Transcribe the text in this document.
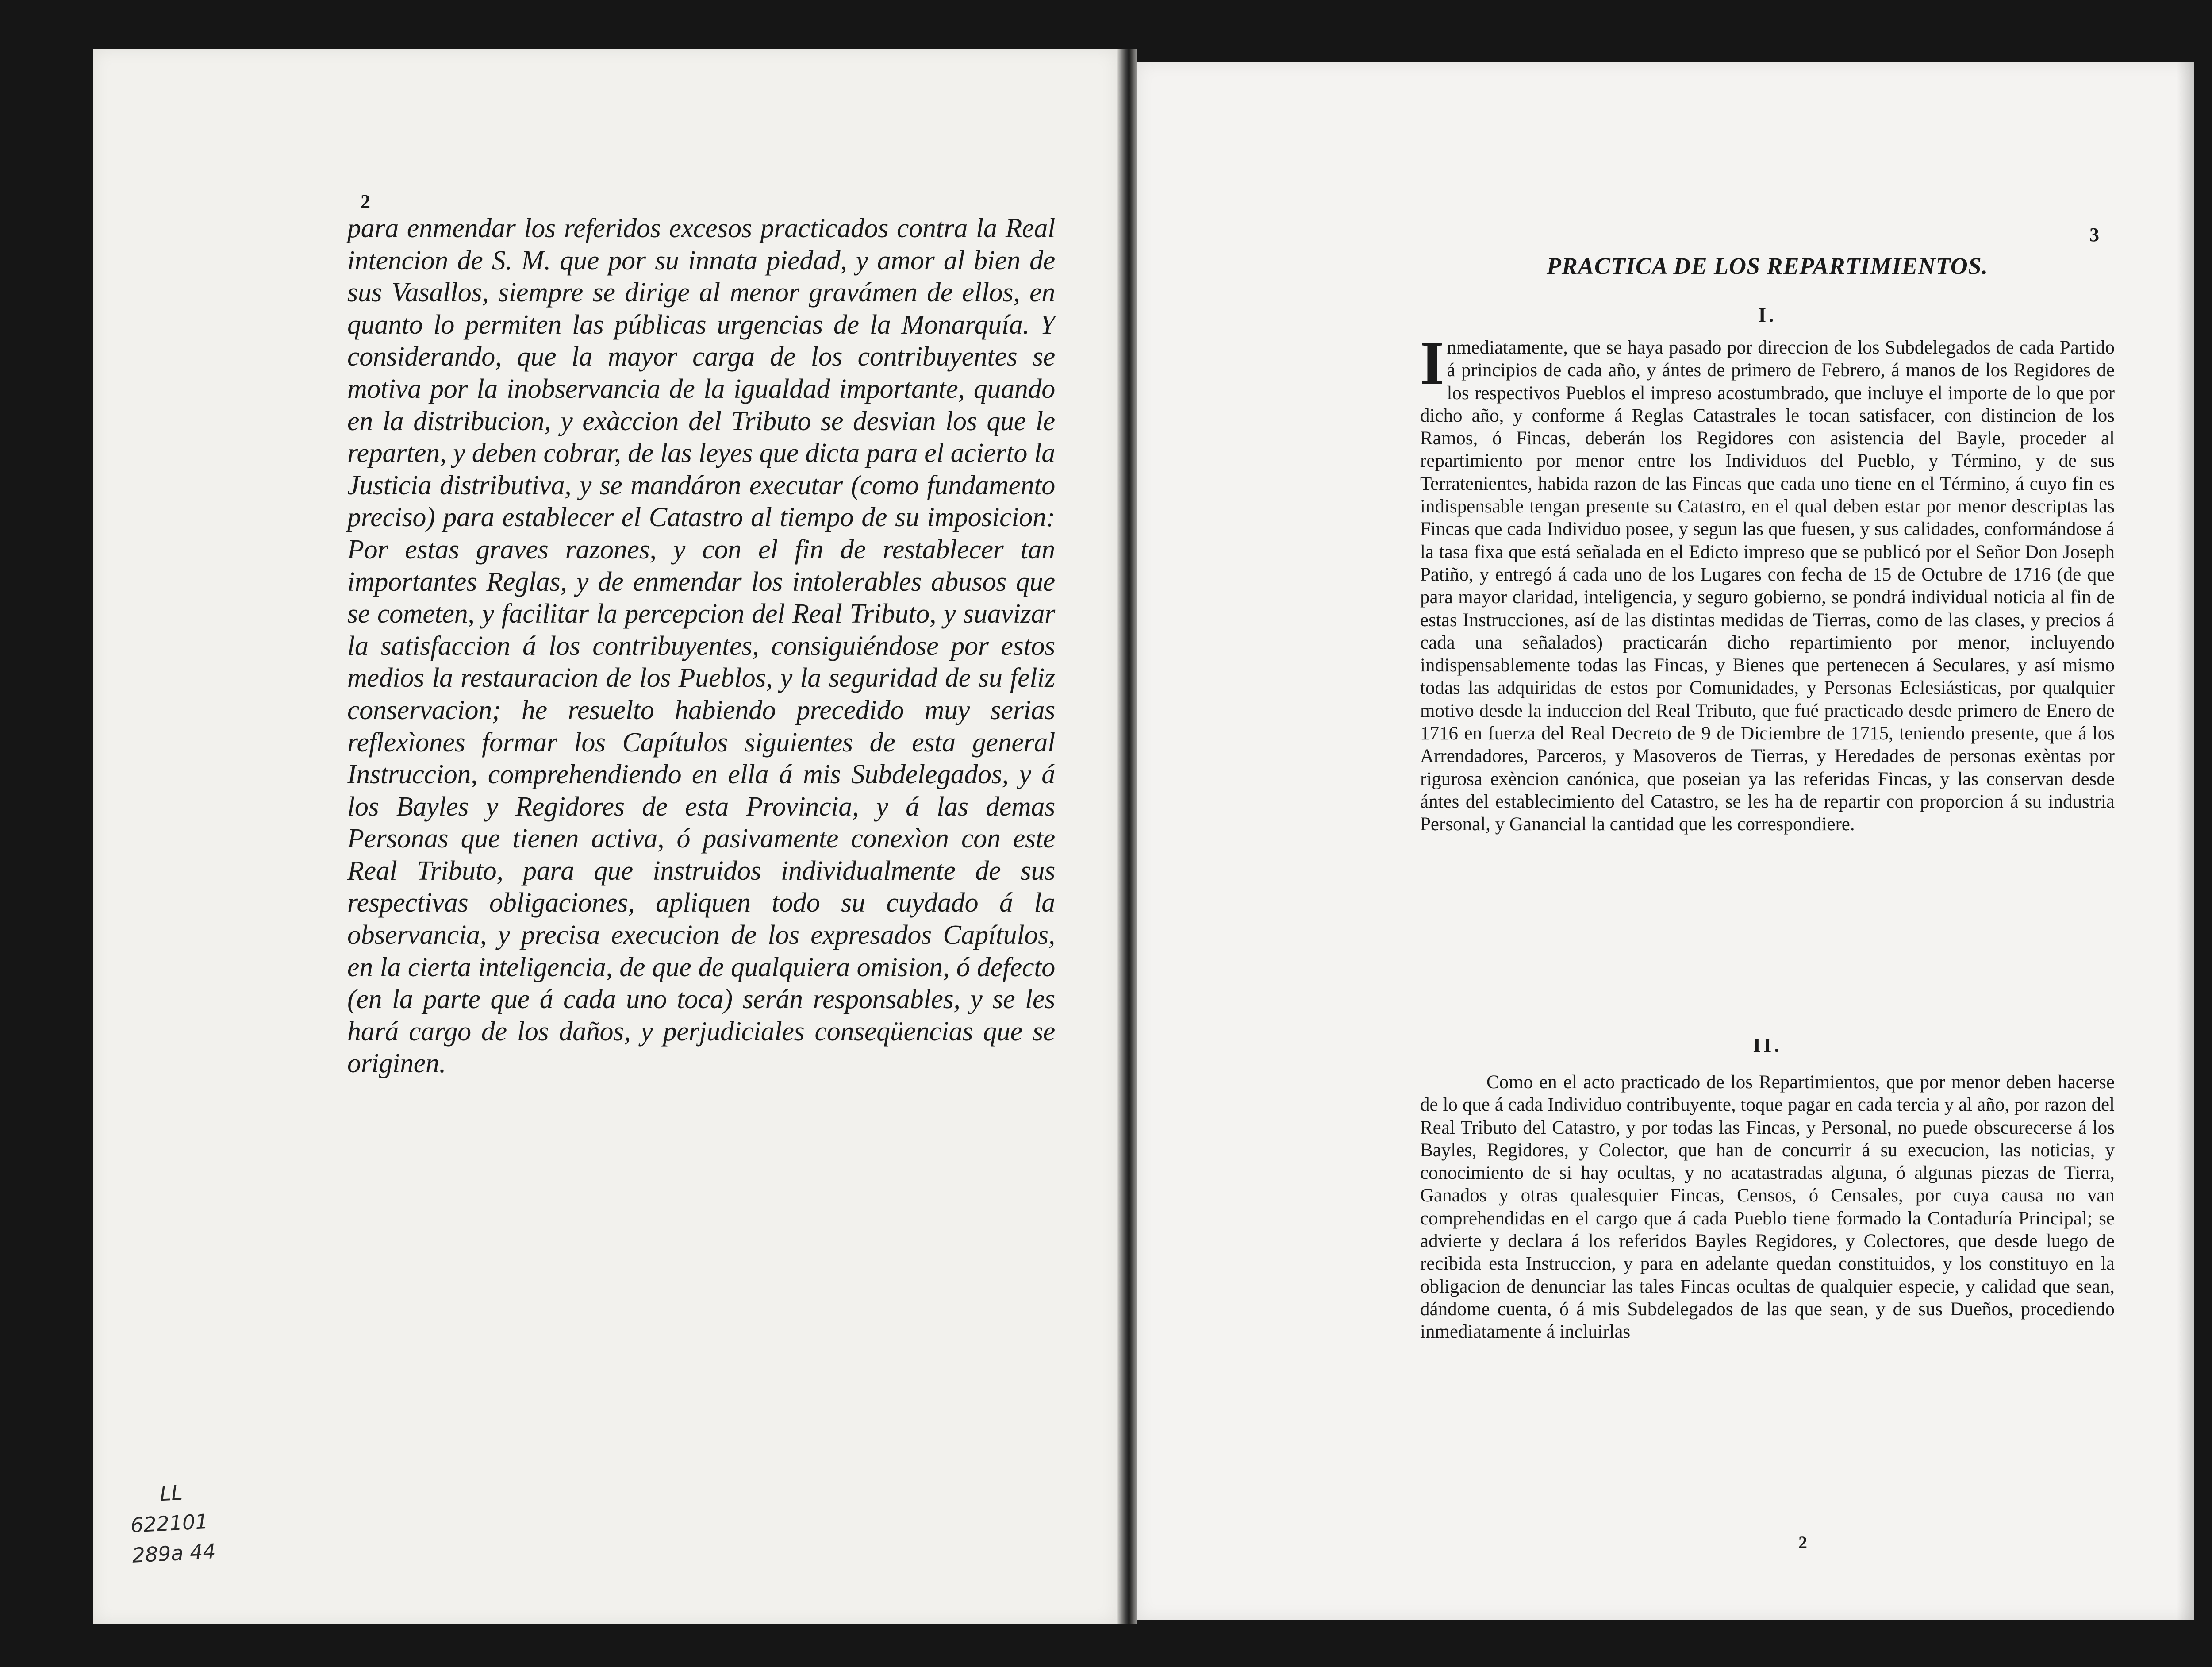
2

para enmendar los referidos excesos practicados contra la Real intencion de S. M. que por su innata piedad, y amor al bien de sus Vasallos, siempre se dirige al menor gravámen de ellos, en quanto lo permiten las públicas urgencias de la Monarquía. Y considerando, que la mayor carga de los contribuyentes se motiva por la inobservancia de la igualdad importante, quando en la distribucion, y exàccion del Tributo se desvian los que le reparten, y deben cobrar, de las leyes que dicta para el acierto la Justicia distributiva, y se mandáron executar (como fundamento preciso) para establecer el Catastro al tiempo de su imposicion: Por estas graves razones, y con el fin de restablecer tan importantes Reglas, y de enmendar los intolerables abusos que se cometen, y facilitar la percepcion del Real Tributo, y suavizar la satisfaccion á los contribuyentes, consiguiéndose por estos medios la restauracion de los Pueblos, y la seguridad de su feliz conservacion; he resuelto habiendo precedido muy serias reflexìones formar los Capítulos siguientes de esta general Instruccion, comprehendiendo en ella á mis Subdelegados, y á los Bayles y Regidores de esta Provincia, y á las demas Personas que tienen activa, ó pasivamente conexìon con este Real Tributo, para que instruidos individualmente de sus respectivas obligaciones, apliquen todo su cuydado á la observancia, y precisa execucion de los expresados Capítulos, en la cierta inteligencia, de que de qualquiera omision, ó defecto (en la parte que á cada uno toca) serán responsables, y se les hará cargo de los daños, y perjudiciales conseqüencias que se originen.

LL
622101
289a 44
3
PRACTICA DE LOS REPARTIMIENTOS.
I.

Inmediatamente, que se haya pasado por direccion de los Subdelegados de cada Partido á principios de cada año, y ántes de primero de Febrero, á manos de los Regidores de los respectivos Pueblos el impreso acostumbrado, que incluye el importe de lo que por dicho año, y conforme á Reglas Catastrales le tocan satisfacer, con distincion de los Ramos, ó Fincas, deberán los Regidores con asistencia del Bayle, proceder al repartimiento por menor entre los Individuos del Pueblo, y Término, y de sus Terratenientes, habida razon de las Fincas que cada uno tiene en el Término, á cuyo fin es indispensable tengan presente su Catastro, en el qual deben estar por menor descriptas las Fincas que cada Individuo posee, y segun las que fuesen, y sus calidades, conformándose á la tasa fixa que está señalada en el Edicto impreso que se publicó por el Señor Don Joseph Patiño, y entregó á cada uno de los Lugares con fecha de 15 de Octubre de 1716 (de que para mayor claridad, inteligencia, y seguro gobierno, se pondrá individual noticia al fin de estas Instrucciones, así de las distintas medidas de Tierras, como de las clases, y precios á cada una señalados) practicarán dicho repartimiento por menor, incluyendo indispensablemente todas las Fincas, y Bienes que pertenecen á Seculares, y así mismo todas las adquiridas de estos por Comunidades, y Personas Eclesiásticas, por qualquier motivo desde la induccion del Real Tributo, que fué practicado desde primero de Enero de 1716 en fuerza del Real Decreto de 9 de Diciembre de 1715, teniendo presente, que á los Arrendadores, Parceros, y Masoveros de Tierras, y Heredades de personas exèntas por rigurosa exèncion canónica, que poseian ya las referidas Fincas, y las conservan desde ántes del establecimiento del Catastro, se les ha de repartir con proporcion á su industria Personal, y Ganancial la cantidad que les correspondiere.

II.

Como en el acto practicado de los Repartimientos, que por menor deben hacerse de lo que á cada Individuo contribuyente, toque pagar en cada tercia y al año, por razon del Real Tributo del Catastro, y por todas las Fincas, y Personal, no puede obscurecerse á los Bayles, Regidores, y Colector, que han de concurrir á su execucion, las noticias, y conocimiento de si hay ocultas, y no acatastradas alguna, ó algunas piezas de Tierra, Ganados y otras qualesquier Fincas, Censos, ó Censales, por cuya causa no van comprehendidas en el cargo que á cada Pueblo tiene formado la Contaduría Principal; se advierte y declara á los referidos Bayles Regidores, y Colectores, que desde luego de recibida esta Instruccion, y para en adelante quedan constituidos, y los constituyo en la obligacion de denunciar las tales Fincas ocultas de qualquier especie, y calidad que sean, dándome cuenta, ó á mis Subdelegados de las que sean, y de sus Dueños, procediendo inmediatamente á incluirlas

2
